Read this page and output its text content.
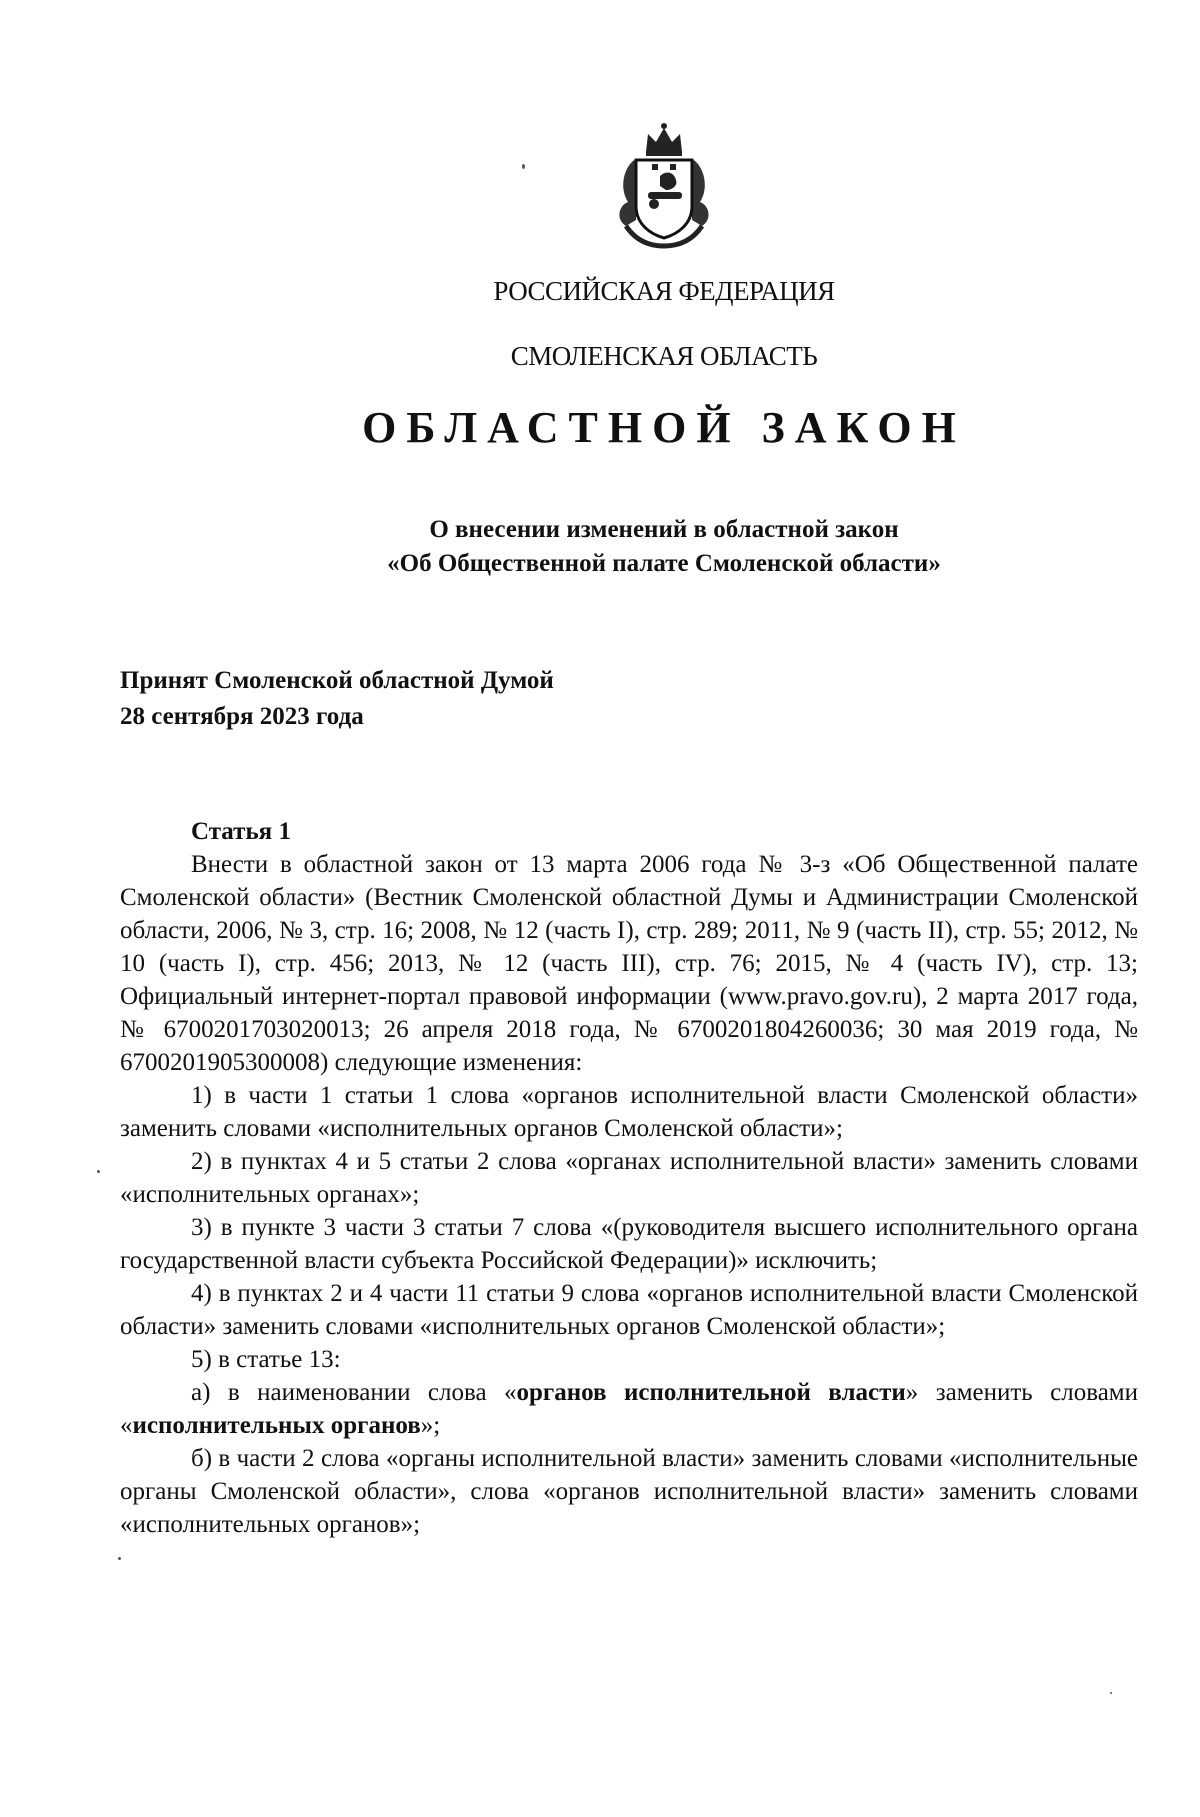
РОССИЙСКАЯ ФЕДЕРАЦИЯ

СМОЛЕНСКАЯ ОБЛАСТЬ

ОБЛАСТНОЙ ЗАКОН

О внесении изменений в областной закон
«Об Общественной палате Смоленской области»
Принят Смоленской областной Думой
28 сентября 2023 года
Статья 1

Внести в областной закон от 13 марта 2006 года № 3-з «Об Общественной палате Смоленской области» (Вестник Смоленской областной Думы и Администрации Смоленской области, 2006, № 3, стр. 16; 2008, № 12 (часть I), стр. 289; 2011, № 9 (часть II), стр. 55; 2012, № 10 (часть I), стр. 456; 2013, № 12 (часть III), стр. 76; 2015, № 4 (часть IV), стр. 13; Официальный интернет-портал правовой информации (www.pravo.gov.ru), 2 марта 2017 года, № 6700201703020013; 26 апреля 2018 года, № 6700201804260036; 30 мая 2019 года, № 6700201905300008) следующие изменения:

1) в части 1 статьи 1 слова «органов исполнительной власти Смоленской области» заменить словами «исполнительных органов Смоленской области»;

2) в пунктах 4 и 5 статьи 2 слова «органах исполнительной власти» заменить словами «исполнительных органах»;

3) в пункте 3 части 3 статьи 7 слова «(руководителя высшего исполнительного органа государственной власти субъекта Российской Федерации)» исключить;

4) в пунктах 2 и 4 части 11 статьи 9 слова «органов исполнительной власти Смоленской области» заменить словами «исполнительных органов Смоленской области»;

5) в статье 13:

а) в наименовании слова «органов исполнительной власти» заменить словами «исполнительных органов»;

б) в части 2 слова «органы исполнительной власти» заменить словами «исполнительные органы Смоленской области», слова «органов исполнительной власти» заменить словами «исполнительных органов»;
